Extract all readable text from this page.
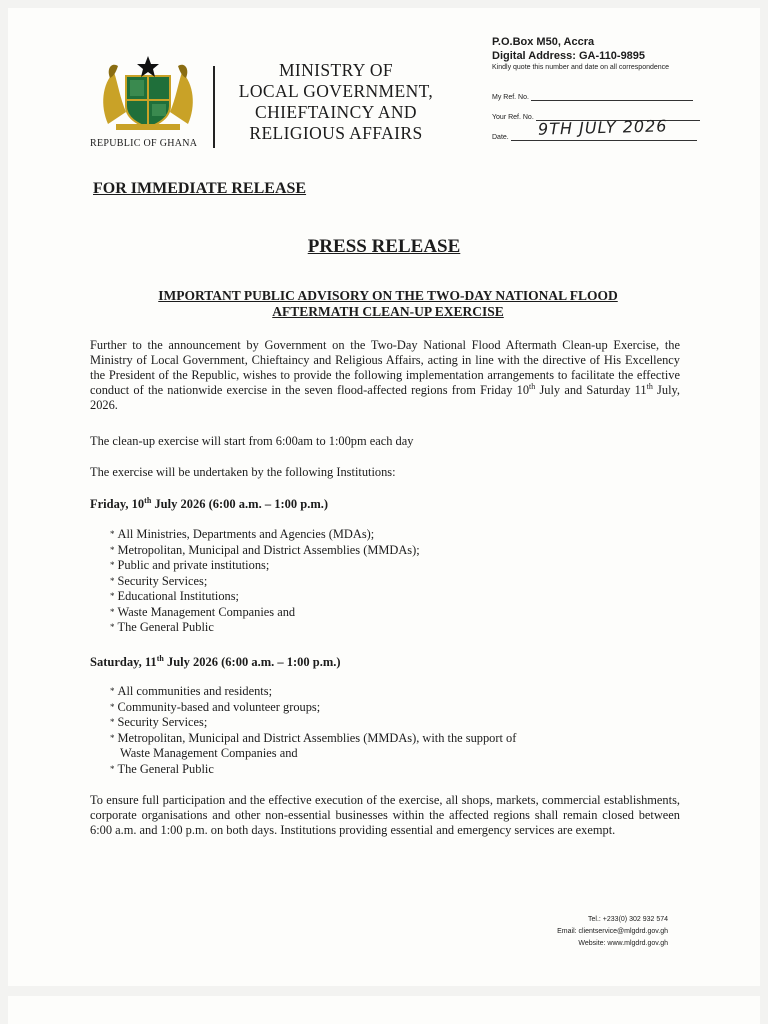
REPUBLIC OF GHANA
MINISTRY OF
LOCAL GOVERNMENT,
CHIEFTAINCY AND
RELIGIOUS AFFAIRS
P.O.Box M50, Accra
Digital Address: GA-110-9895
Kindly quote this number and date on all correspondence
My Ref. No.
Your Ref. No.
Date.	9TH JULY 2026
FOR IMMEDIATE RELEASE
PRESS RELEASE
IMPORTANT PUBLIC ADVISORY ON THE TWO-DAY NATIONAL FLOOD
AFTERMATH CLEAN-UP EXERCISE
Further to the announcement by Government on the Two-Day National Flood Aftermath Clean-up Exercise, the Ministry of Local Government, Chieftaincy and Religious Affairs, acting in line with the directive of His Excellency the President of the Republic, wishes to provide the following implementation arrangements to facilitate the effective conduct of the nationwide exercise in the seven flood-affected regions from Friday 10th July and Saturday 11th July, 2026.
The clean-up exercise will start from 6:00am to 1:00pm each day
The exercise will be undertaken by the following Institutions:
Friday, 10th July 2026 (6:00 a.m. – 1:00 p.m.)
* All Ministries, Departments and Agencies (MDAs);
* Metropolitan, Municipal and District Assemblies (MMDAs);
* Public and private institutions;
* Security Services;
* Educational Institutions;
* Waste Management Companies and
* The General Public
Saturday, 11th July 2026 (6:00 a.m. – 1:00 p.m.)
* All communities and residents;
* Community-based and volunteer groups;
* Security Services;
* Metropolitan, Municipal and District Assemblies (MMDAs), with the support of
Waste Management Companies and
* The General Public
To ensure full participation and the effective execution of the exercise, all shops, markets, commercial establishments, corporate organisations and other non-essential businesses within the affected regions shall remain closed between 6:00 a.m. and 1:00 p.m. on both days. Institutions providing essential and emergency services are exempt.
Tel.: +233(0) 302 932 574
Email: clientservice@mlgdrd.gov.gh
Website: www.mlgdrd.gov.gh
